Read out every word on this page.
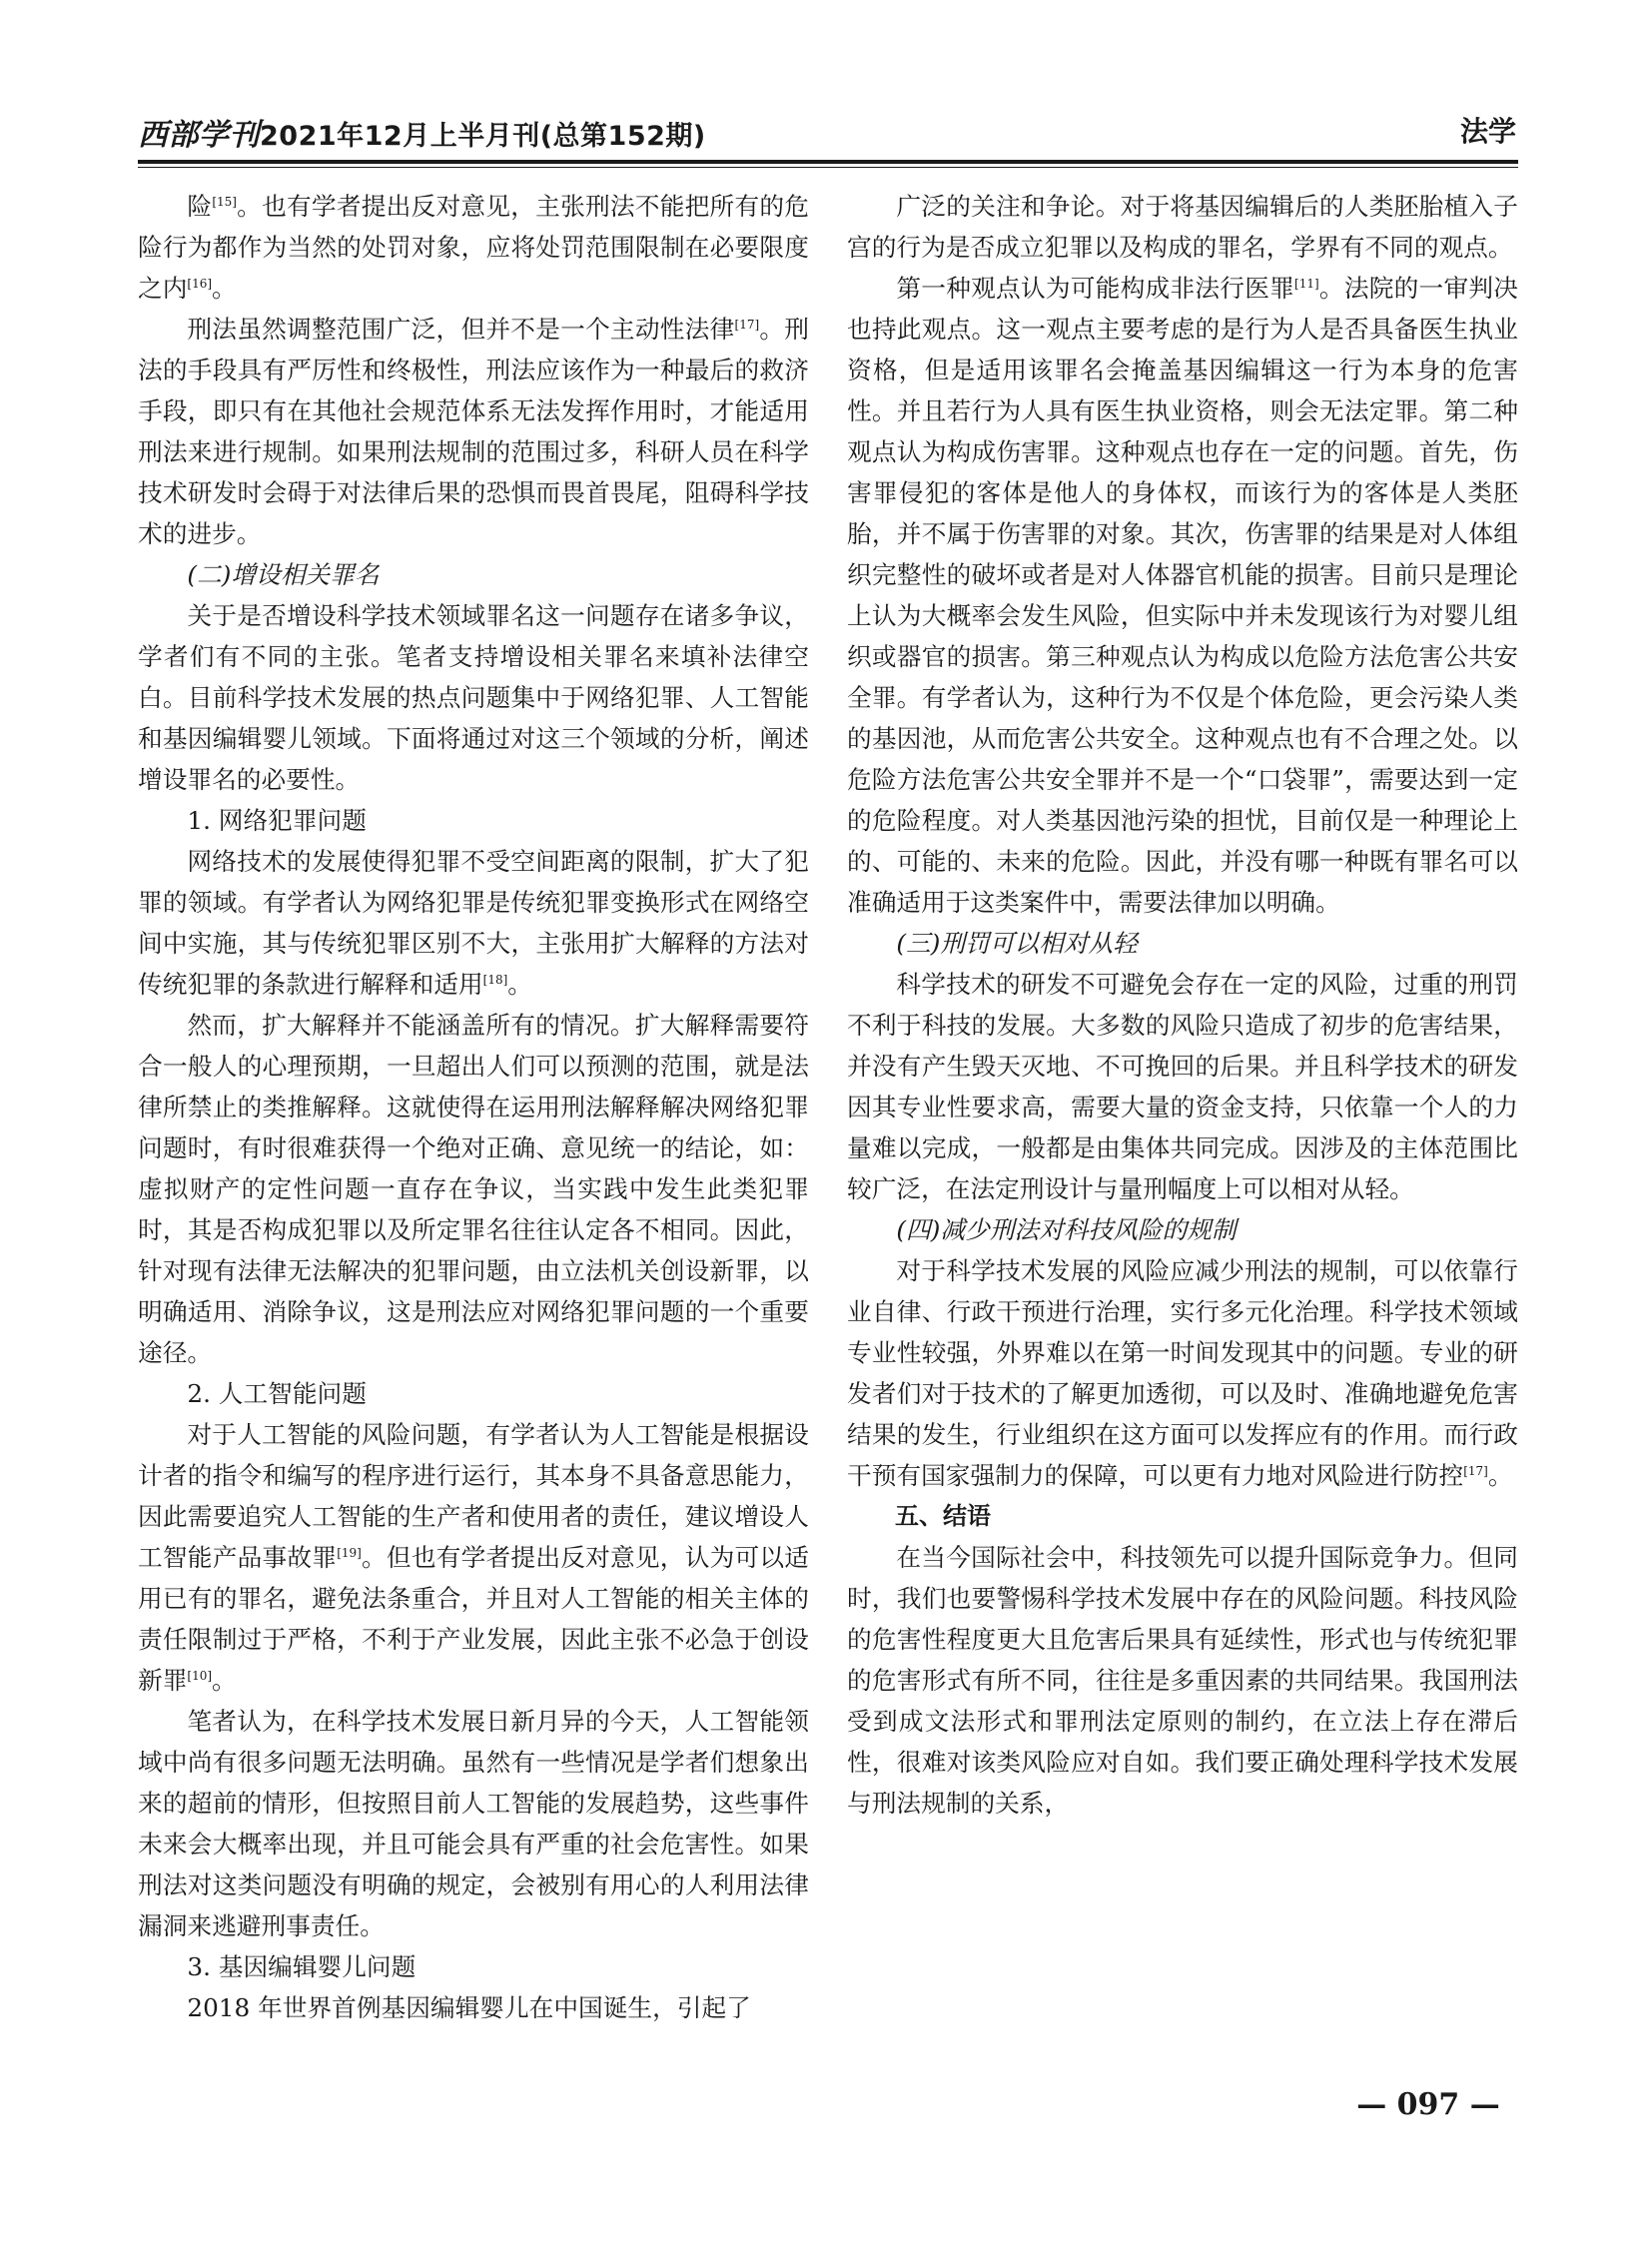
西部学刊2021年12月上半月刊(总第152期)	法学

险[15]。也有学者提出反对意见，主张刑法不能把所有的危险行为都作为当然的处罚对象，应将处罚范围限制在必要限度之内[16]。

刑法虽然调整范围广泛，但并不是一个主动性法律[17]。刑法的手段具有严厉性和终极性，刑法应该作为一种最后的救济手段，即只有在其他社会规范体系无法发挥作用时，才能适用刑法来进行规制。如果刑法规制的范围过多，科研人员在科学技术研发时会碍于对法律后果的恐惧而畏首畏尾，阻碍科学技术的进步。

(二)增设相关罪名

关于是否增设科学技术领域罪名这一问题存在诸多争议，学者们有不同的主张。笔者支持增设相关罪名来填补法律空白。目前科学技术发展的热点问题集中于网络犯罪、人工智能和基因编辑婴儿领域。下面将通过对这三个领域的分析，阐述增设罪名的必要性。

1. 网络犯罪问题

网络技术的发展使得犯罪不受空间距离的限制，扩大了犯罪的领域。有学者认为网络犯罪是传统犯罪变换形式在网络空间中实施，其与传统犯罪区别不大，主张用扩大解释的方法对传统犯罪的条款进行解释和适用[18]。

然而，扩大解释并不能涵盖所有的情况。扩大解释需要符合一般人的心理预期，一旦超出人们可以预测的范围，就是法律所禁止的类推解释。这就使得在运用刑法解释解决网络犯罪问题时，有时很难获得一个绝对正确、意见统一的结论，如：虚拟财产的定性问题一直存在争议，当实践中发生此类犯罪时，其是否构成犯罪以及所定罪名往往认定各不相同。因此，针对现有法律无法解决的犯罪问题，由立法机关创设新罪，以明确适用、消除争议，这是刑法应对网络犯罪问题的一个重要途径。

2. 人工智能问题

对于人工智能的风险问题，有学者认为人工智能是根据设计者的指令和编写的程序进行运行，其本身不具备意思能力，因此需要追究人工智能的生产者和使用者的责任，建议增设人工智能产品事故罪[19]。但也有学者提出反对意见，认为可以适用已有的罪名，避免法条重合，并且对人工智能的相关主体的责任限制过于严格，不利于产业发展，因此主张不必急于创设新罪[10]。

笔者认为，在科学技术发展日新月异的今天，人工智能领域中尚有很多问题无法明确。虽然有一些情况是学者们想象出来的超前的情形，但按照目前人工智能的发展趋势，这些事件未来会大概率出现，并且可能会具有严重的社会危害性。如果刑法对这类问题没有明确的规定，会被别有用心的人利用法律漏洞来逃避刑事责任。

3. 基因编辑婴儿问题

2018 年世界首例基因编辑婴儿在中国诞生，引起了

广泛的关注和争论。对于将基因编辑后的人类胚胎植入子宫的行为是否成立犯罪以及构成的罪名，学界有不同的观点。

第一种观点认为可能构成非法行医罪[11]。法院的一审判决也持此观点。这一观点主要考虑的是行为人是否具备医生执业资格，但是适用该罪名会掩盖基因编辑这一行为本身的危害性。并且若行为人具有医生执业资格，则会无法定罪。第二种观点认为构成伤害罪。这种观点也存在一定的问题。首先，伤害罪侵犯的客体是他人的身体权，而该行为的客体是人类胚胎，并不属于伤害罪的对象。其次，伤害罪的结果是对人体组织完整性的破坏或者是对人体器官机能的损害。目前只是理论上认为大概率会发生风险，但实际中并未发现该行为对婴儿组织或器官的损害。第三种观点认为构成以危险方法危害公共安全罪。有学者认为，这种行为不仅是个体危险，更会污染人类的基因池，从而危害公共安全。这种观点也有不合理之处。以危险方法危害公共安全罪并不是一个“口袋罪”，需要达到一定的危险程度。对人类基因池污染的担忧，目前仅是一种理论上的、可能的、未来的危险。因此，并没有哪一种既有罪名可以准确适用于这类案件中，需要法律加以明确。

(三)刑罚可以相对从轻

科学技术的研发不可避免会存在一定的风险，过重的刑罚不利于科技的发展。大多数的风险只造成了初步的危害结果，并没有产生毁天灭地、不可挽回的后果。并且科学技术的研发因其专业性要求高，需要大量的资金支持，只依靠一个人的力量难以完成，一般都是由集体共同完成。因涉及的主体范围比较广泛，在法定刑设计与量刑幅度上可以相对从轻。

(四)减少刑法对科技风险的规制

对于科学技术发展的风险应减少刑法的规制，可以依靠行业自律、行政干预进行治理，实行多元化治理。科学技术领域专业性较强，外界难以在第一时间发现其中的问题。专业的研发者们对于技术的了解更加透彻，可以及时、准确地避免危害结果的发生，行业组织在这方面可以发挥应有的作用。而行政干预有国家强制力的保障，可以更有力地对风险进行防控[17]。

五、结语

在当今国际社会中，科技领先可以提升国际竞争力。但同时，我们也要警惕科学技术发展中存在的风险问题。科技风险的危害性程度更大且危害后果具有延续性，形式也与传统犯罪的危害形式有所不同，往往是多重因素的共同结果。我国刑法受到成文法形式和罪刑法定原则的制约，在立法上存在滞后性，很难对该类风险应对自如。我们要正确处理科学技术发展与刑法规制的关系，

— 097 —
